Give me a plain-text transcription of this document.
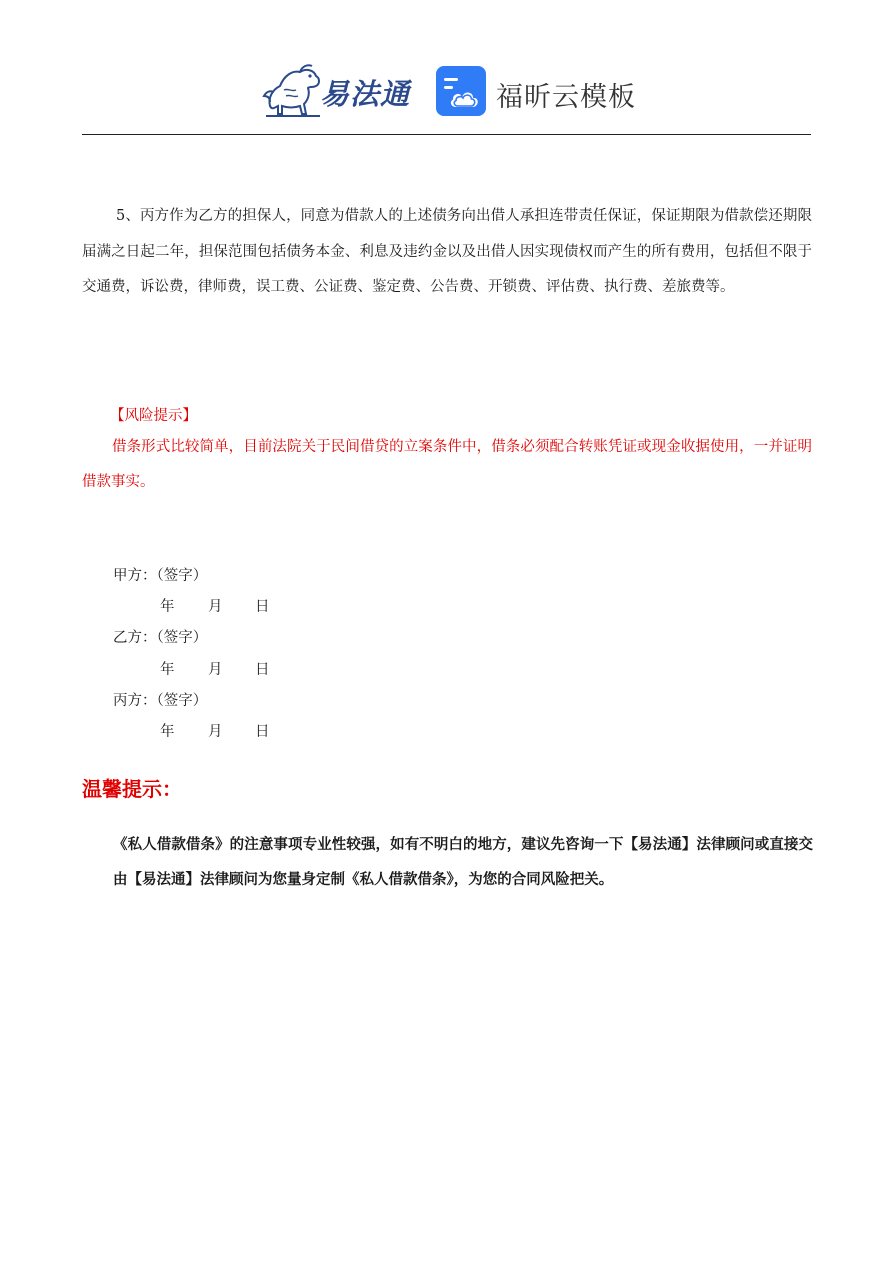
易法通	福昕云模板

5、丙方作为乙方的担保人，同意为借款人的上述债务向出借人承担连带责任保证，保证期限为借款偿还期限届满之日起二年，担保范围包括债务本金、利息及违约金以及出借人因实现债权而产生的所有费用，包括但不限于交通费，诉讼费，律师费，误工费、公证费、鉴定费、公告费、开锁费、评估费、执行费、差旅费等。

【风险提示】

借条形式比较简单，目前法院关于民间借贷的立案条件中，借条必须配合转账凭证或现金收据使用，一并证明借款事实。

甲方：（签字）

年 月 日

乙方：（签字）

年 月 日

丙方：（签字）

年 月 日

温馨提示：

《私人借款借条》的注意事项专业性较强，如有不明白的地方，建议先咨询一下【易法通】法律顾问或直接交由【易法通】法律顾问为您量身定制《私人借款借条》，为您的合同风险把关。
